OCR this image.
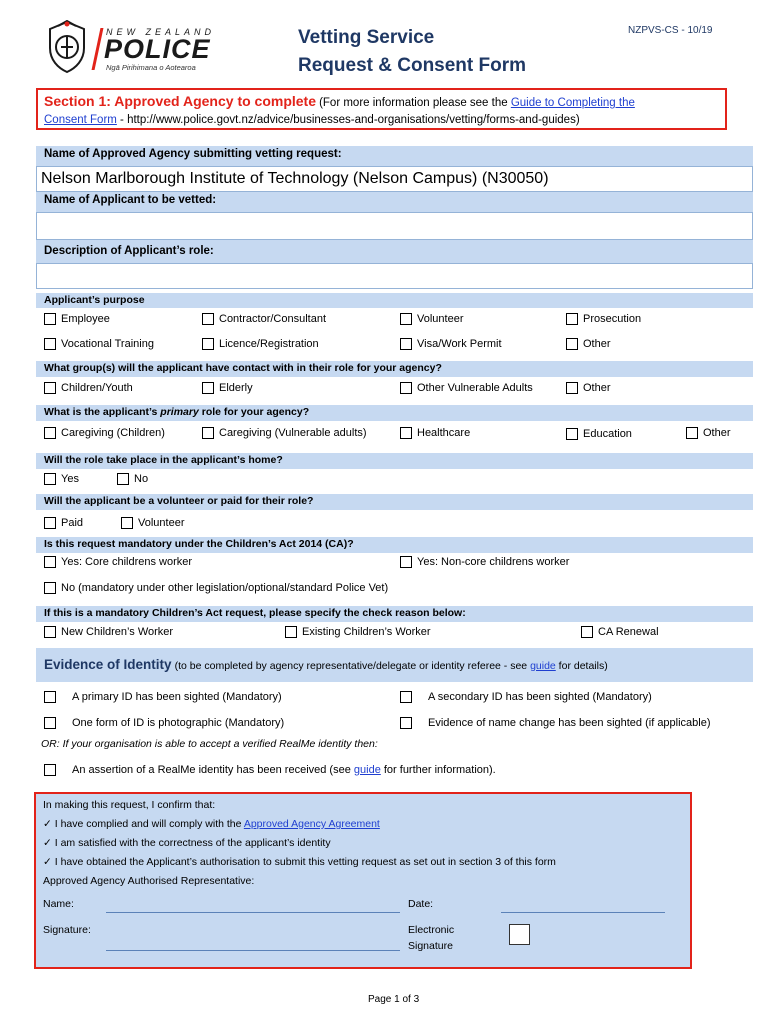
NEW ZEALAND
POLICE
Ngā Pirihimana o Aotearoa
Vetting Service
Request & Consent Form
NZPVS-CS - 10/19
Section 1: Approved Agency to complete (For more information please see the Guide to Completing the
Consent Form - http://www.police.govt.nz/advice/businesses-and-organisations/vetting/forms-and-guides)
Name of Approved Agency submitting vetting request:
Nelson Marlborough Institute of Technology (Nelson Campus) (N30050)
Name of Applicant to be vetted:
Description of Applicant’s role:
Applicant’s purpose
Employee	Contractor/Consultant	Volunteer	Prosecution
Vocational Training	Licence/Registration	Visa/Work Permit	Other
What group(s) will the applicant have contact with in their role for your agency?
Children/Youth	Elderly	Other Vulnerable Adults	Other
What is the applicant’s primary role for your agency?
Caregiving (Children)	Caregiving (Vulnerable adults)	Healthcare	Education	Other
Will the role take place in the applicant’s home?
Yes	No
Will the applicant be a volunteer or paid for their role?
Paid	Volunteer
Is this request mandatory under the Children’s Act 2014 (CA)?
Yes: Core childrens worker	Yes: Non-core childrens worker
No (mandatory under other legislation/optional/standard Police Vet)
If this is a mandatory Children’s Act request, please specify the check reason below:
New Children’s Worker	Existing Children’s Worker	CA Renewal
Evidence of Identity (to be completed by agency representative/delegate or identity referee - see guide for details)
A primary ID has been sighted (Mandatory)	A secondary ID has been sighted (Mandatory)
One form of ID is photographic (Mandatory)	Evidence of name change has been sighted (if applicable)
OR: If your organisation is able to accept a verified RealMe identity then:
An assertion of a RealMe identity has been received (see guide for further information).
In making this request, I confirm that:
✓ I have complied and will comply with the Approved Agency Agreement
✓ I am satisfied with the correctness of the applicant’s identity
✓ I have obtained the Applicant’s authorisation to submit this vetting request as set out in section 3 of this form
Approved Agency Authorised Representative:
Name:	Date:
Signature:	Electronic
Signature
Page 1 of 3
